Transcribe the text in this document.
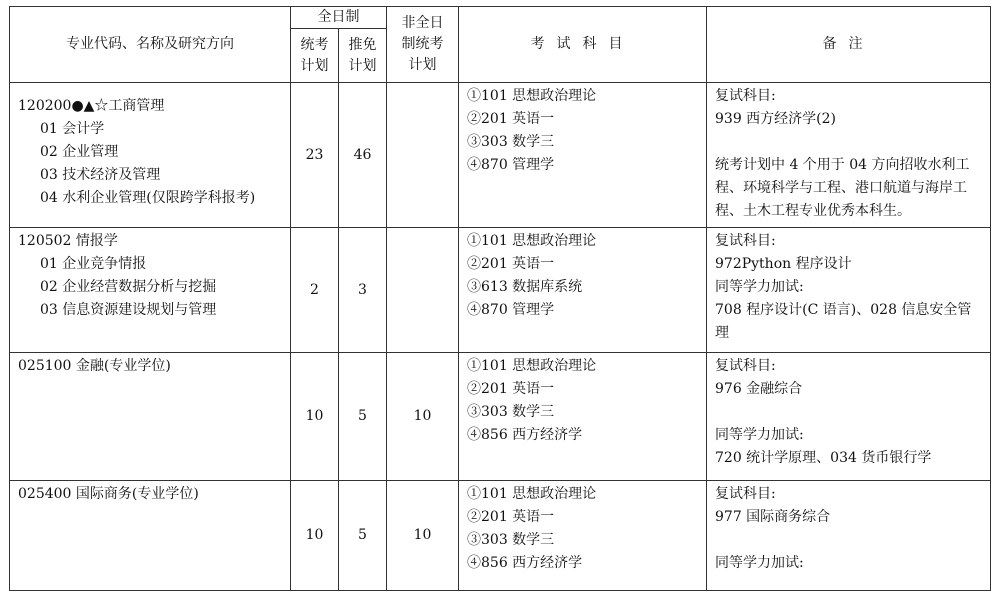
专业代码、名称及研究方向	全日制		非全日制统考计划	考试科目	备注
	统考计划	推免计划			

120200●▲☆工商管理
01 会计学
02 企业管理
03 技术经济及管理
04 水利企业管理(仅限跨学科报考)	23	46		①101 思想政治理论
②201 英语一
③303 数学三
④870 管理学	复试科目:
939 西方经济学(2)
统考计划中 4 个用于 04 方向招收水利工程、环境科学与工程、港口航道与海岸工程、土木工程专业优秀本科生。

120502 情报学
01 企业竞争情报
02 企业经营数据分析与挖掘
03 信息资源建设规划与管理	2	3		①101 思想政治理论
②201 英语一
③613 数据库系统
④870 管理学	复试科目:
972Python 程序设计
同等学力加试:
708 程序设计(C 语言)、028 信息安全管理

025100 金融(专业学位)	10	5	10	①101 思想政治理论
②201 英语一
③303 数学三
④856 西方经济学	复试科目:
976 金融综合
同等学力加试:
720 统计学原理、034 货币银行学

025400 国际商务(专业学位)	10	5	10	①101 思想政治理论
②201 英语一
③303 数学三
④856 西方经济学	复试科目:
977 国际商务综合
同等学力加试:
